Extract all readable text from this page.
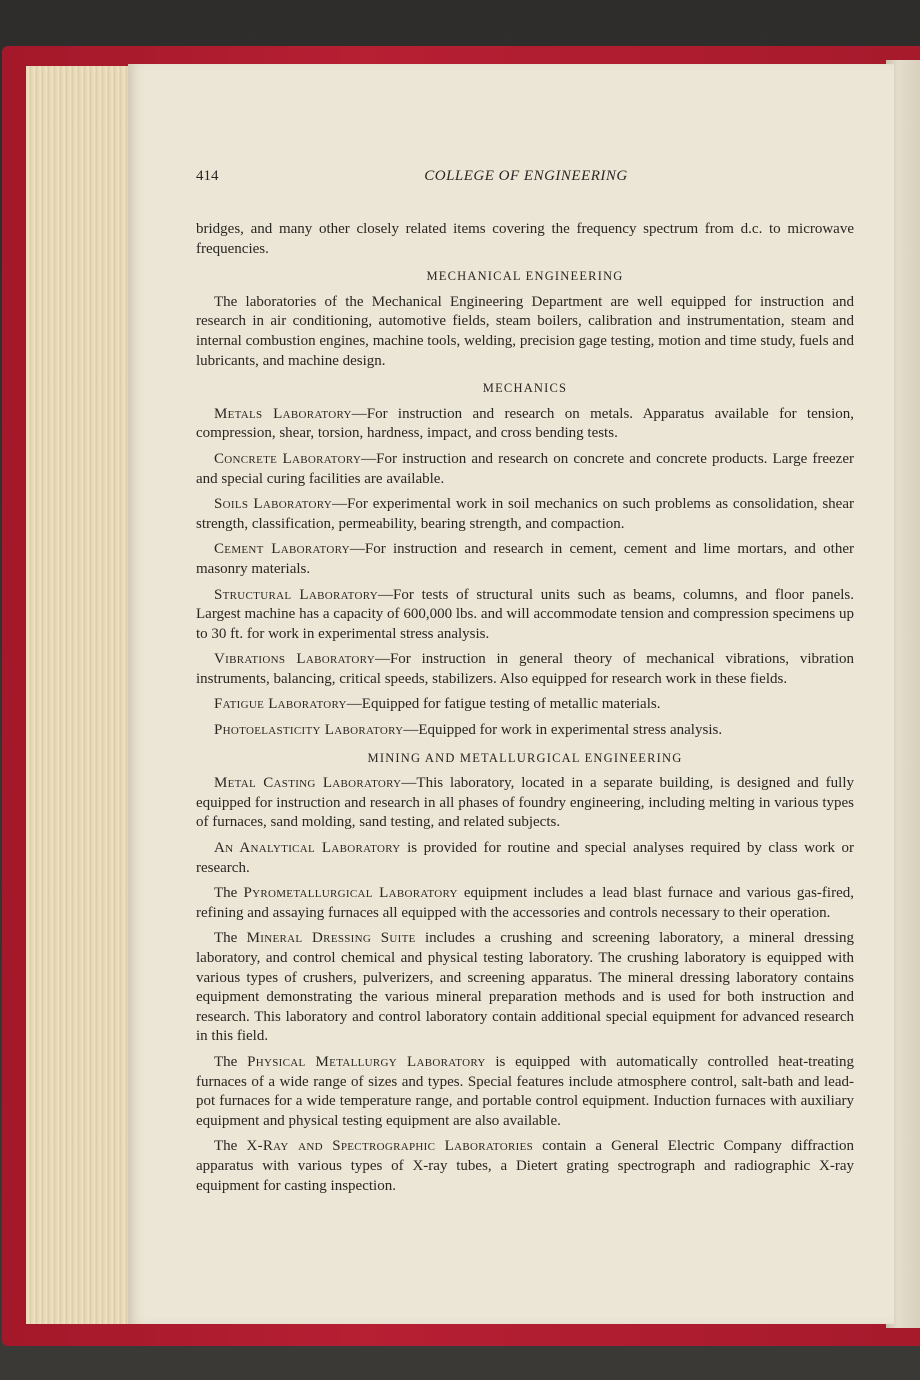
414	COLLEGE OF ENGINEERING

bridges, and many other closely related items covering the frequency spectrum from d.c. to microwave frequencies.

MECHANICAL ENGINEERING

The laboratories of the Mechanical Engineering Department are well equipped for instruction and research in air conditioning, automotive fields, steam boilers, calibration and instrumentation, steam and internal combustion engines, machine tools, welding, precision gage testing, motion and time study, fuels and lubricants, and machine design.

MECHANICS

Metals Laboratory—For instruction and research on metals. Apparatus available for tension, compression, shear, torsion, hardness, impact, and cross bending tests.

Concrete Laboratory—For instruction and research on concrete and concrete products. Large freezer and special curing facilities are available.

Soils Laboratory—For experimental work in soil mechanics on such problems as consolidation, shear strength, classification, permeability, bearing strength, and compaction.

Cement Laboratory—For instruction and research in cement, cement and lime mortars, and other masonry materials.

Structural Laboratory—For tests of structural units such as beams, columns, and floor panels. Largest machine has a capacity of 600,000 lbs. and will accommodate tension and compression specimens up to 30 ft. for work in experimental stress analysis.

Vibrations Laboratory—For instruction in general theory of mechanical vibrations, vibration instruments, balancing, critical speeds, stabilizers. Also equipped for research work in these fields.

Fatigue Laboratory—Equipped for fatigue testing of metallic materials.

Photoelasticity Laboratory—Equipped for work in experimental stress analysis.

MINING AND METALLURGICAL ENGINEERING

Metal Casting Laboratory—This laboratory, located in a separate building, is designed and fully equipped for instruction and research in all phases of foundry engineering, including melting in various types of furnaces, sand molding, sand testing, and related subjects.

An Analytical Laboratory is provided for routine and special analyses required by class work or research.

The Pyrometallurgical Laboratory equipment includes a lead blast furnace and various gas-fired, refining and assaying furnaces all equipped with the accessories and controls necessary to their operation.

The Mineral Dressing Suite includes a crushing and screening laboratory, a mineral dressing laboratory, and control chemical and physical testing laboratory. The crushing laboratory is equipped with various types of crushers, pulverizers, and screening apparatus. The mineral dressing laboratory contains equipment demonstrating the various mineral preparation methods and is used for both instruction and research. This laboratory and control laboratory contain additional special equipment for advanced research in this field.

The Physical Metallurgy Laboratory is equipped with automatically controlled heat-treating furnaces of a wide range of sizes and types. Special features include atmosphere control, salt-bath and lead-pot furnaces for a wide temperature range, and portable control equipment. Induction furnaces with auxiliary equipment and physical testing equipment are also available.

The X-Ray and Spectrographic Laboratories contain a General Electric Company diffraction apparatus with various types of X-ray tubes, a Dietert grating spectrograph and radiographic X-ray equipment for casting inspection.
